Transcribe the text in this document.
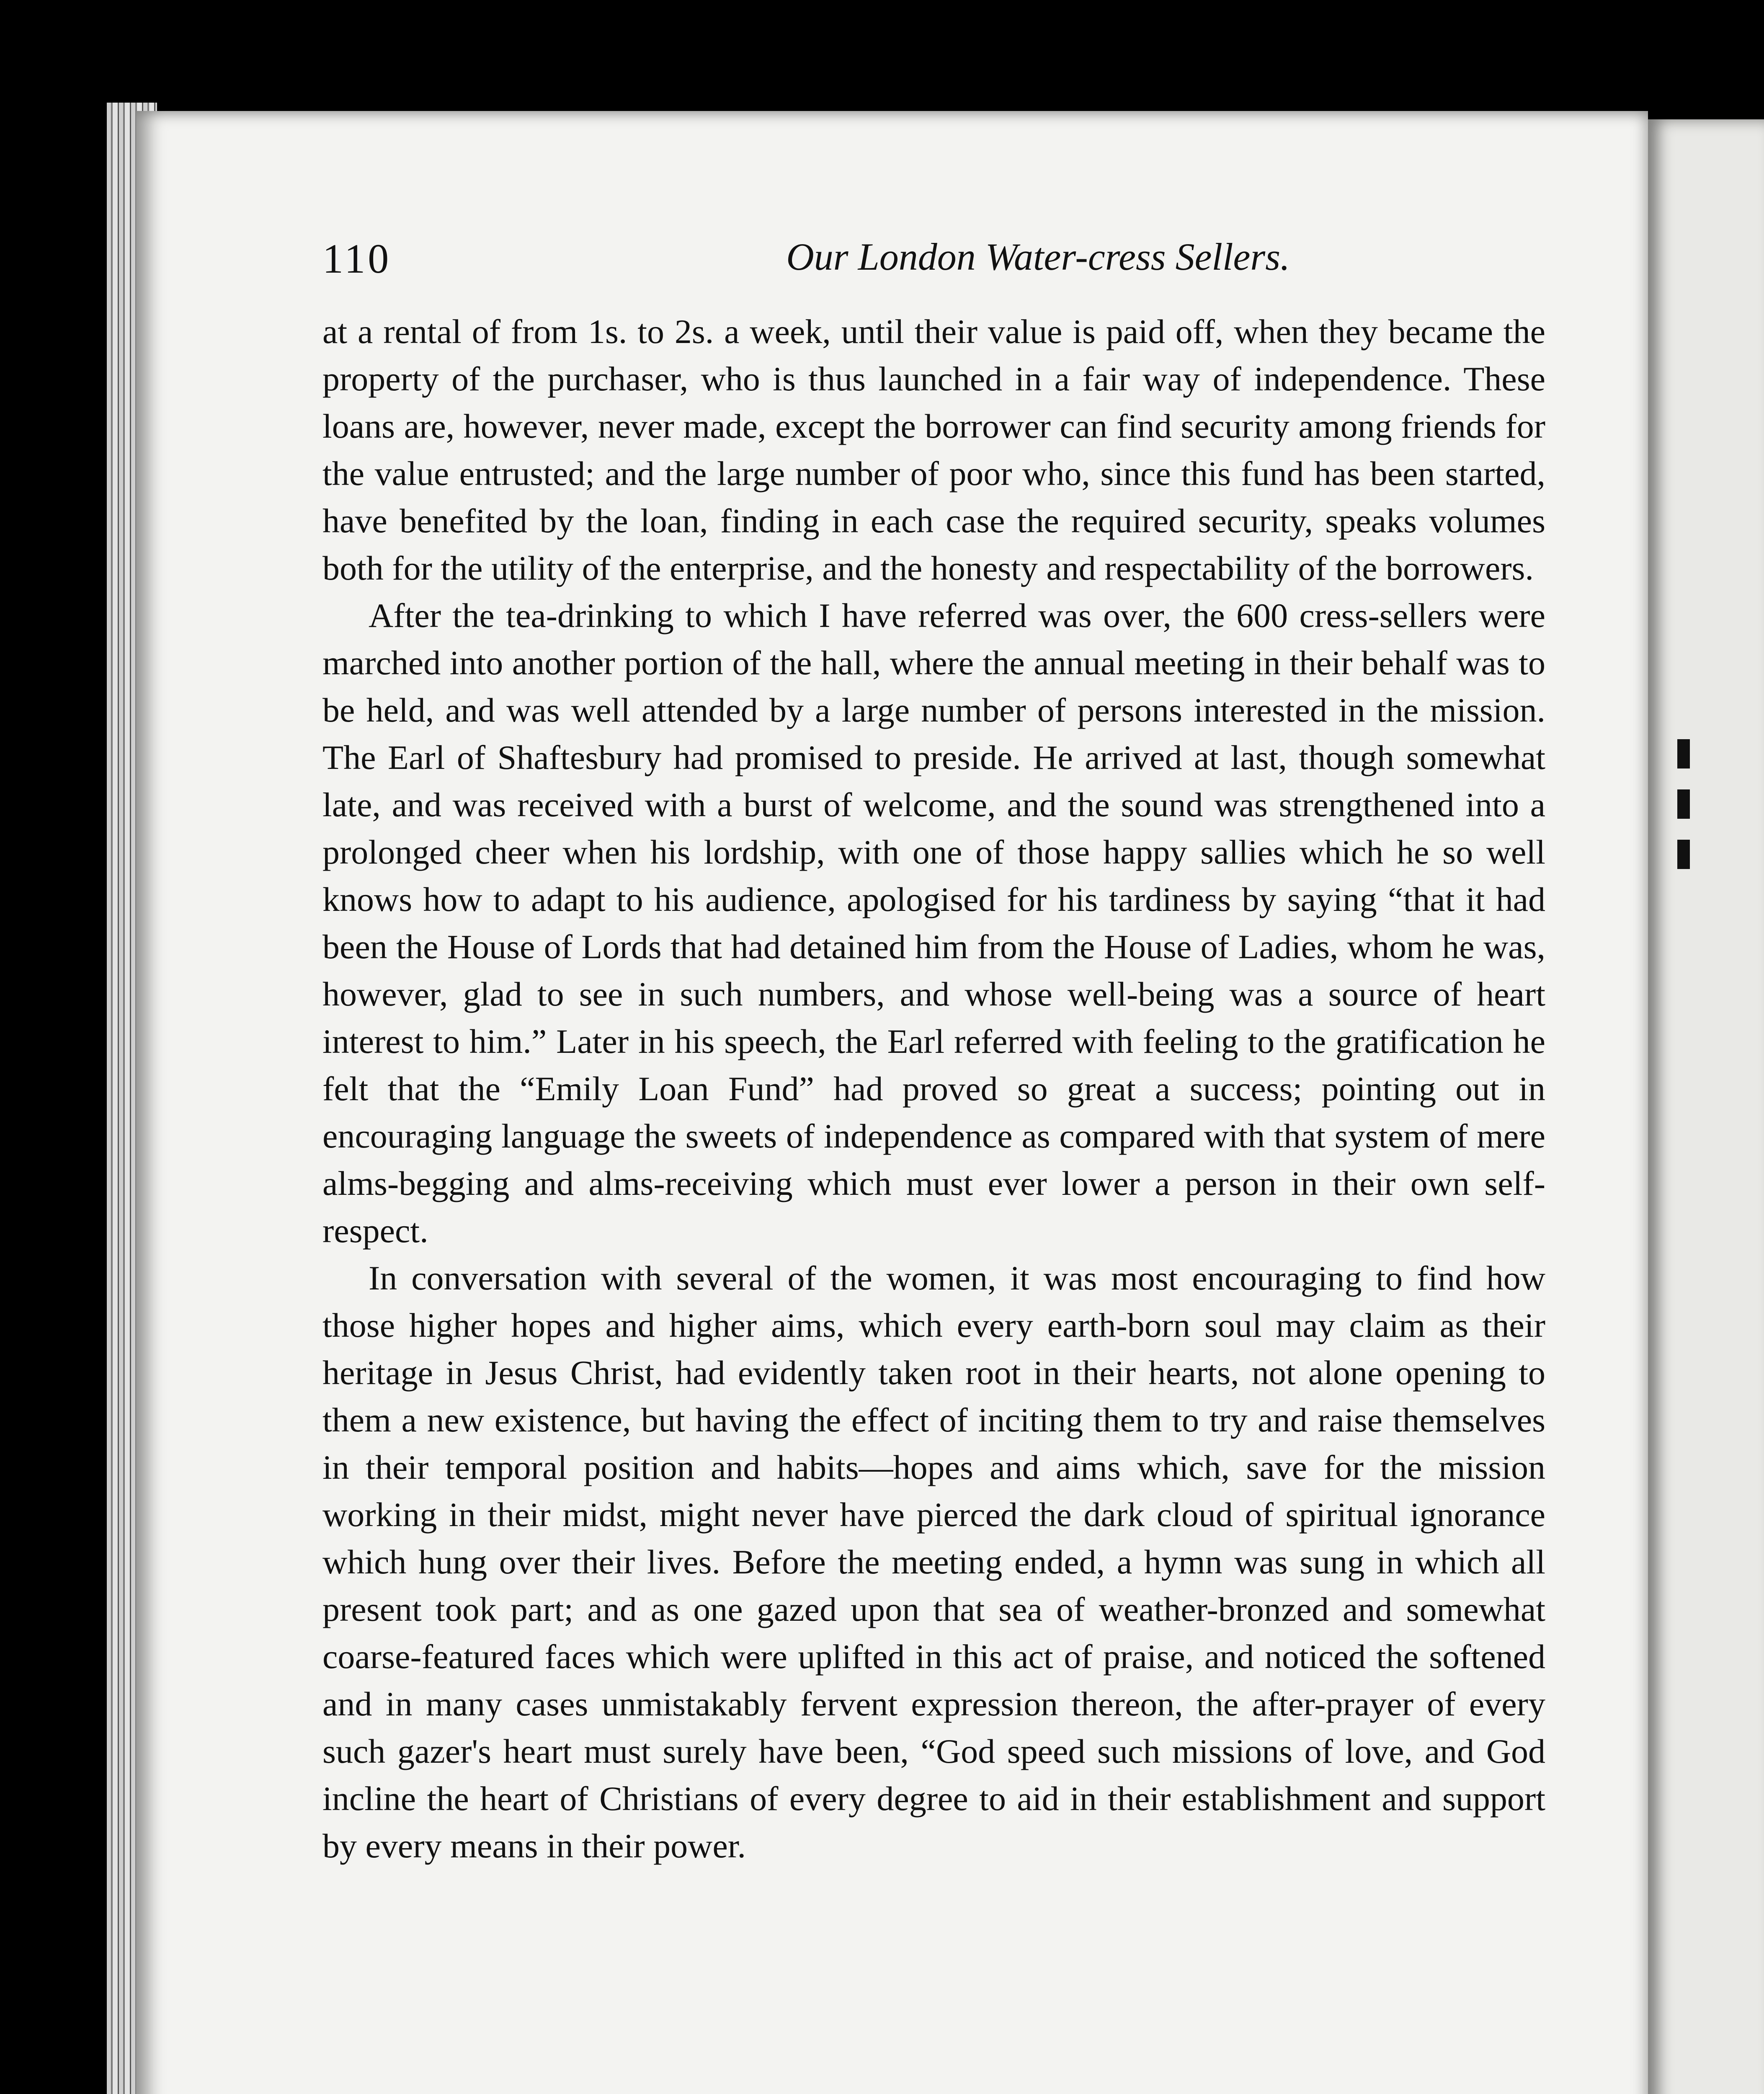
110	Our London Water-cress Sellers.

at a rental of from 1s. to 2s. a week, until their value is paid off, when they became the property of the purchaser, who is thus launched in a fair way of independence. These loans are, however, never made, except the borrower can find security among friends for the value entrusted; and the large number of poor who, since this fund has been started, have benefited by the loan, finding in each case the required security, speaks volumes both for the utility of the enterprise, and the honesty and respectability of the borrowers.

After the tea-drinking to which I have referred was over, the 600 cress-sellers were marched into another portion of the hall, where the annual meeting in their behalf was to be held, and was well attended by a large number of persons interested in the mission. The Earl of Shaftesbury had promised to preside. He arrived at last, though somewhat late, and was received with a burst of welcome, and the sound was strengthened into a prolonged cheer when his lordship, with one of those happy sallies which he so well knows how to adapt to his audience, apologised for his tardiness by saying “that it had been the House of Lords that had detained him from the House of Ladies, whom he was, however, glad to see in such numbers, and whose well-being was a source of heart interest to him.” Later in his speech, the Earl referred with feeling to the gratification he felt that the “Emily Loan Fund” had proved so great a success; pointing out in encouraging language the sweets of independence as compared with that system of mere alms-begging and alms-receiving which must ever lower a person in their own self-respect.

In conversation with several of the women, it was most encouraging to find how those higher hopes and higher aims, which every earth-born soul may claim as their heritage in Jesus Christ, had evidently taken root in their hearts, not alone opening to them a new existence, but having the effect of inciting them to try and raise themselves in their temporal position and habits—hopes and aims which, save for the mission working in their midst, might never have pierced the dark cloud of spiritual ignorance which hung over their lives. Before the meeting ended, a hymn was sung in which all present took part; and as one gazed upon that sea of weather-bronzed and somewhat coarse-featured faces which were uplifted in this act of praise, and noticed the softened and in many cases unmistakably fervent expression thereon, the after-prayer of every such gazer's heart must surely have been, “God speed such missions of love, and God incline the heart of Christians of every degree to aid in their establishment and support by every means in their power.
